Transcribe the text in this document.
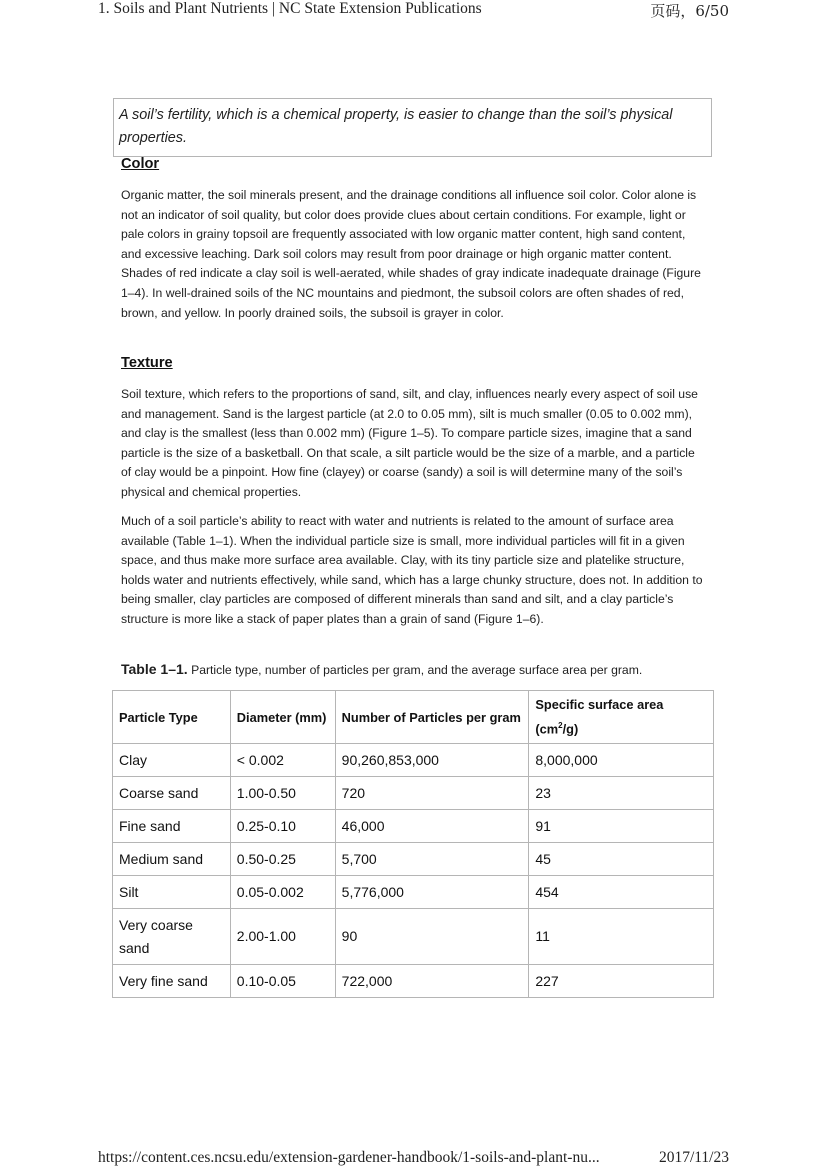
1. Soils and Plant Nutrients | NC State Extension Publications	页码，6/50
A soil’s fertility, which is a chemical property, is easier to change than the soil’s physical properties.
Color

Organic matter, the soil minerals present, and the drainage conditions all influence soil color. Color alone is not an indicator of soil quality, but color does provide clues about certain conditions. For example, light or pale colors in grainy topsoil are frequently associated with low organic matter content, high sand content, and excessive leaching. Dark soil colors may result from poor drainage or high organic matter content. Shades of red indicate a clay soil is well-aerated, while shades of gray indicate inadequate drainage (Figure 1–4). In well-drained soils of the NC mountains and piedmont, the subsoil colors are often shades of red, brown, and yellow. In poorly drained soils, the subsoil is grayer in color.

Texture

Soil texture, which refers to the proportions of sand, silt, and clay, influences nearly every aspect of soil use and management. Sand is the largest particle (at 2.0 to 0.05 mm), silt is much smaller (0.05 to 0.002 mm), and clay is the smallest (less than 0.002 mm) (Figure 1–5). To compare particle sizes, imagine that a sand particle is the size of a basketball. On that scale, a silt particle would be the size of a marble, and a particle of clay would be a pinpoint. How fine (clayey) or coarse (sandy) a soil is will determine many of the soil’s physical and chemical properties.

Much of a soil particle’s ability to react with water and nutrients is related to the amount of surface area available (Table 1–1). When the individual particle size is small, more individual particles will fit in a given space, and thus make more surface area available. Clay, with its tiny particle size and platelike structure, holds water and nutrients effectively, while sand, which has a large chunky structure, does not. In addition to being smaller, clay particles are composed of different minerals than sand and silt, and a clay particle’s structure is more like a stack of paper plates than a grain of sand (Figure 1–6).

Table 1–1. Particle type, number of particles per gram, and the average surface area per gram.
Particle Type	Diameter (mm)	Number of Particles per gram	Specific surface area $(cm^2/g)$
Clay	< 0.002	90,260,853,000	8,000,000
Coarse sand	1.00-0.50	720	23
Fine sand	0.25-0.10	46,000	91
Medium sand	0.50-0.25	5,700	45
Silt	0.05-0.002	5,776,000	454
Very coarse sand	2.00-1.00	90	11
Very fine sand	0.10-0.05	722,000	227
https://content.ces.ncsu.edu/extension-gardener-handbook/1-soils-and-plant-nu...	2017/11/23
